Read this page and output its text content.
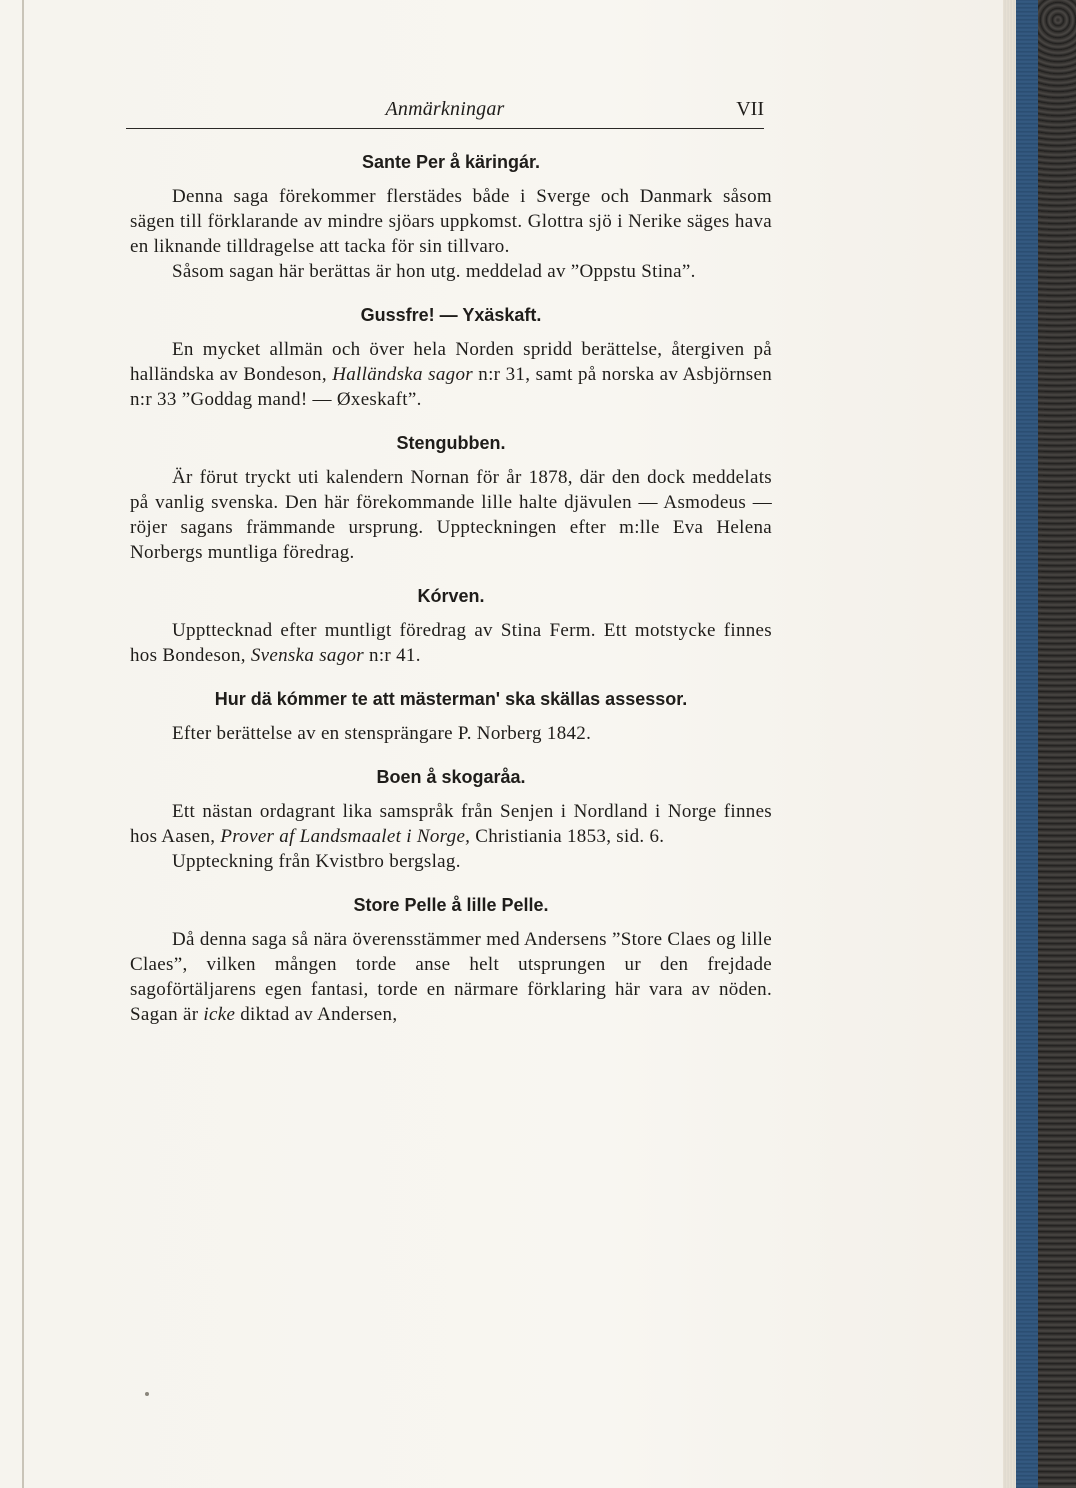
Anmärkningar	VII
Sante Per å käringár.

Denna saga förekommer flerstädes både i Sverge och Danmark såsom sägen till förklarande av mindre sjöars uppkomst. Glottra sjö i Nerike säges hava en liknande tilldragelse att tacka för sin tillvaro.

Såsom sagan här berättas är hon utg. meddelad av ”Oppstu Stina”.

Gussfre! — Yxäskaft.

En mycket allmän och över hela Norden spridd berättelse, återgiven på halländska av Bondeson, Halländska sagor n:r 31, samt på norska av Asbjörnsen n:r 33 ”Goddag mand! — Øxeskaft”.

Stengubben.

Är förut tryckt uti kalendern Nornan för år 1878, där den dock meddelats på vanlig svenska. Den här förekommande lille halte djävulen — Asmodeus — röjer sagans främmande ursprung. Uppteckningen efter m:lle Eva Helena Norbergs muntliga föredrag.

Kórven.

Uppttecknad efter muntligt föredrag av Stina Ferm. Ett motstycke finnes hos Bondeson, Svenska sagor n:r 41.

Hur dä kómmer te att mästerman' ska skällas assessor.

Efter berättelse av en stensprängare P. Norberg 1842.

Boen å skogaråa.

Ett nästan ordagrant lika samspråk från Senjen i Nordland i Norge finnes hos Aasen, Prover af Landsmaalet i Norge, Christiania 1853, sid. 6.

Uppteckning från Kvistbro bergslag.

Store Pelle å lille Pelle.

Då denna saga så nära överensstämmer med Andersens ”Store Claes og lille Claes”, vilken mången torde anse helt utsprungen ur den frejdade sagoförtäljarens egen fantasi, torde en närmare förklaring här vara av nöden. Sagan är icke diktad av Andersen,
